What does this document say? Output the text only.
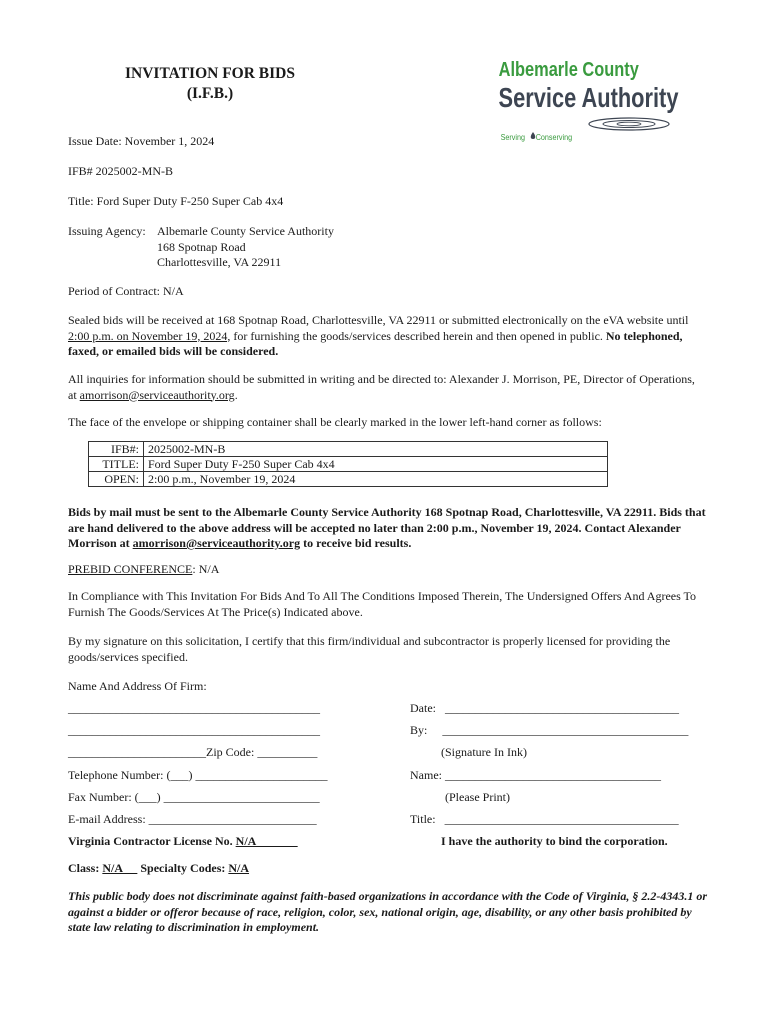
INVITATION FOR BIDS
(I.F.B.)
Albemarle County
Service Authority
Serving Conserving

Issue Date: November 1, 2024

IFB# 2025002-MN-B

Title: Ford Super Duty F-250 Super Cab 4x4

Issuing Agency: Albemarle County Service Authority
168 Spotnap Road
Charlottesville, VA 22911

Period of Contract: N/A

Sealed bids will be received at 168 Spotnap Road, Charlottesville, VA 22911 or submitted electronically on the eVA website until 2:00 p.m. on November 19, 2024, for furnishing the goods/services described herein and then opened in public. No telephoned, faxed, or emailed bids will be considered.

All inquiries for information should be submitted in writing and be directed to: Alexander J. Morrison, PE, Director of Operations, at amorrison@serviceauthority.org.

The face of the envelope or shipping container shall be clearly marked in the lower left-hand corner as follows:

IFB#:	2025002-MN-B
TITLE:	Ford Super Duty F-250 Super Cab 4x4
OPEN:	2:00 p.m., November 19, 2024

Bids by mail must be sent to the Albemarle County Service Authority 168 Spotnap Road, Charlottesville, VA 22911. Bids that are hand delivered to the above address will be accepted no later than 2:00 p.m., November 19, 2024. Contact Alexander Morrison at amorrison@serviceauthority.org to receive bid results.

PREBID CONFERENCE: N/A

In Compliance with This Invitation For Bids And To All The Conditions Imposed Therein, The Undersigned Offers And Agrees To Furnish The Goods/Services At The Price(s) Indicated above.

By my signature on this solicitation, I certify that this firm/individual and subcontractor is properly licensed for providing the goods/services specified.

Name And Address Of Firm:

__________________________________________

__________________________________________

_______________________Zip Code: __________

Telephone Number: (___) ______________________

Fax Number: (___) __________________________

E-mail Address: ____________________________

Virginia Contractor License No. N/A

Date:   _______________________________________

By:     _________________________________________

(Signature In Ink)

Name: ____________________________________

(Please Print)

Title:   _______________________________________

I have the authority to bind the corporation.

Class: N/A      Specialty Codes: N/A

This public body does not discriminate against faith-based organizations in accordance with the Code of Virginia, § 2.2-4343.1 or against a bidder or offeror because of race, religion, color, sex, national origin, age, disability, or any other basis prohibited by state law relating to discrimination in employment.
